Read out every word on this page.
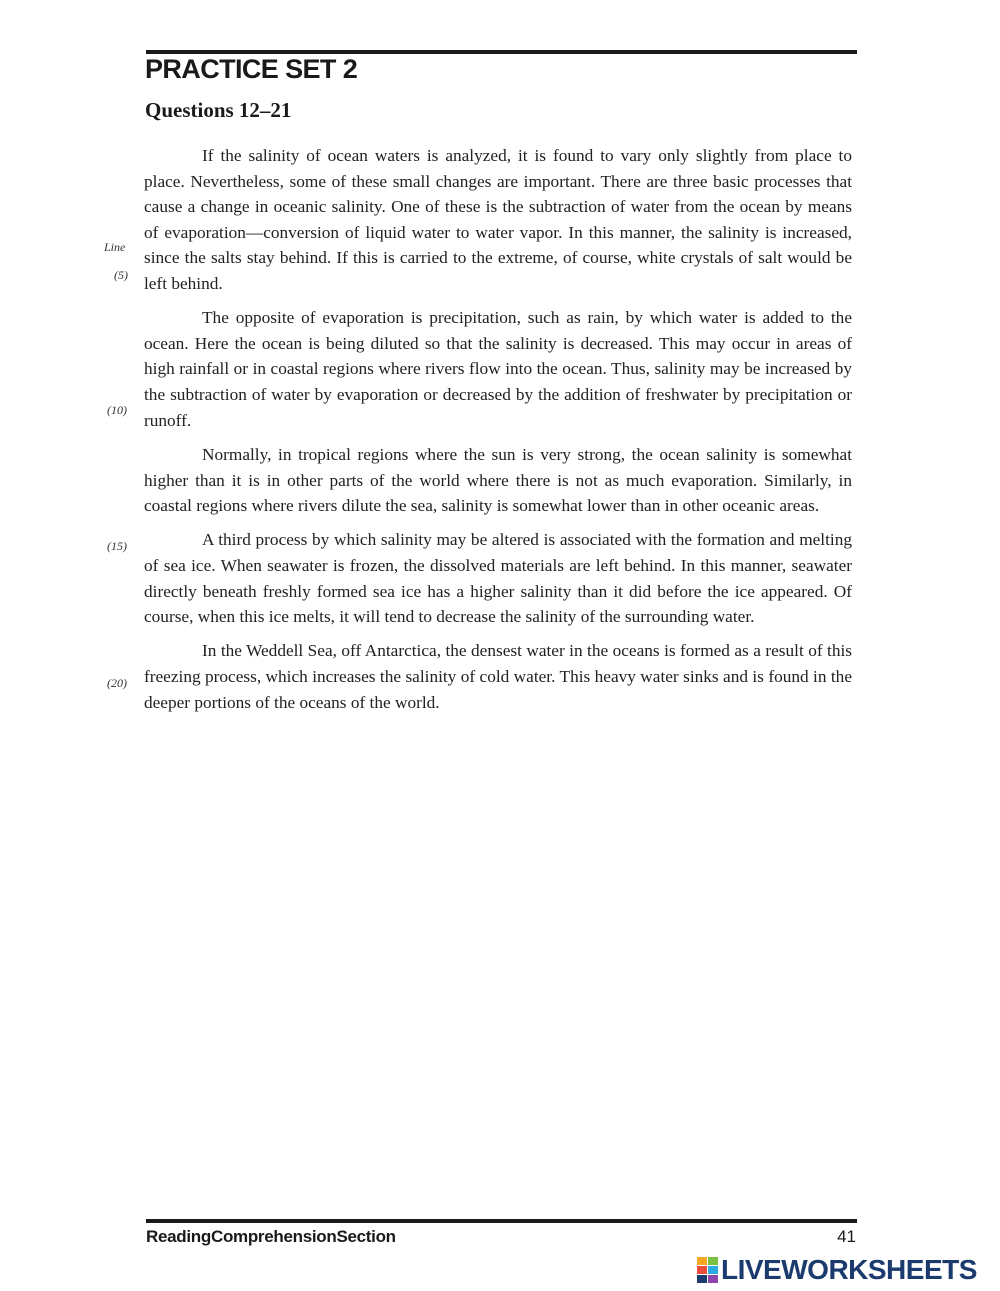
PRACTICE SET 2
Questions 12–21
Line
(5)
(10)
(15)
(20)

If the salinity of ocean waters is analyzed, it is found to vary only slightly from place to place. Nevertheless, some of these small changes are important. There are three basic processes that cause a change in oceanic salinity. One of these is the subtraction of water from the ocean by means of evaporation—conversion of liquid water to water vapor. In this manner, the salinity is increased, since the salts stay behind. If this is carried to the extreme, of course, white crystals of salt would be left behind.

The opposite of evaporation is precipitation, such as rain, by which water is added to the ocean. Here the ocean is being diluted so that the salinity is decreased. This may occur in areas of high rainfall or in coastal regions where rivers flow into the ocean. Thus, salinity may be increased by the subtraction of water by evaporation or decreased by the addition of freshwater by precipitation or runoff.

Normally, in tropical regions where the sun is very strong, the ocean salinity is somewhat higher than it is in other parts of the world where there is not as much evaporation. Similarly, in coastal regions where rivers dilute the sea, salinity is somewhat lower than in other oceanic areas.

A third process by which salinity may be altered is associated with the formation and melting of sea ice. When seawater is frozen, the dissolved materials are left behind. In this manner, seawater directly beneath freshly formed sea ice has a higher salinity than it did before the ice appeared. Of course, when this ice melts, it will tend to decrease the salinity of the surrounding water.

In the Weddell Sea, off Antarctica, the densest water in the oceans is formed as a result of this freezing process, which increases the salinity of cold water. This heavy water sinks and is found in the deeper portions of the oceans of the world.

ReadingComprehensionSection	41
LIVEWORKSHEETS
